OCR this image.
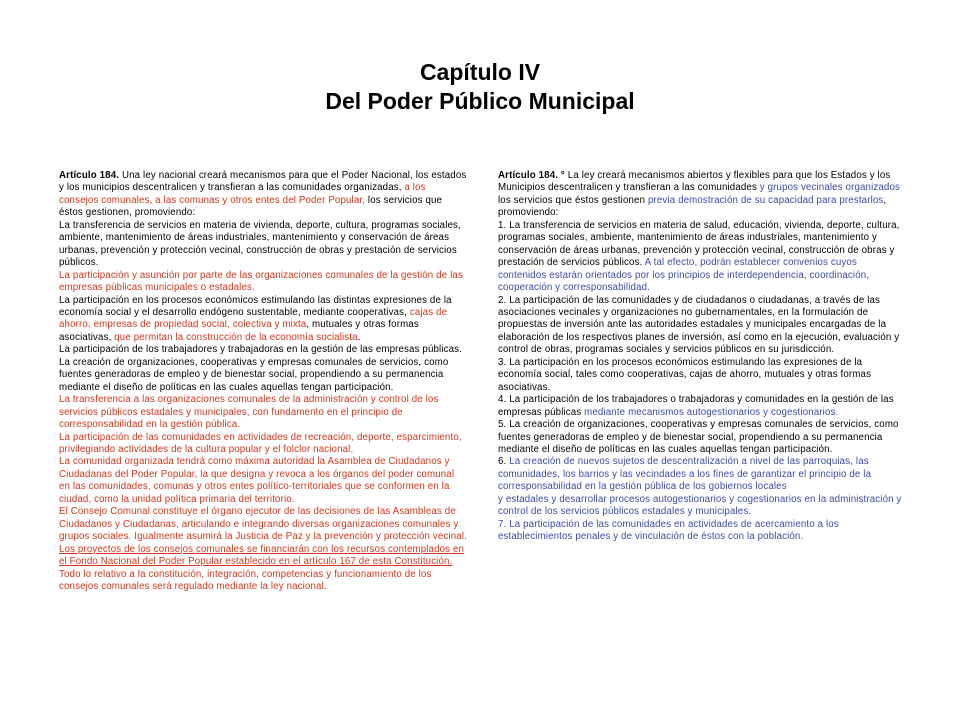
Capítulo IV
Del Poder Público Municipal
Artículo 184. Una ley nacional creará mecanismos para que el Poder Nacional, los estados y los municipios descentralicen y transfieran a las comunidades organizadas, a los consejos comunales, a las comunas y otros entes del Poder Popular, los servicios que éstos gestionen, promoviendo:
La transferencia de servicios en materia de vivienda, deporte, cultura, programas sociales, ambiente, mantenimiento de áreas industriales, mantenimiento y conservación de áreas urbanas, prevención y protección vecinal, construcción de obras y prestación de servicios públicos.
La participación y asunción por parte de las organizaciones comunales de la gestión de las empresas públicas municipales o estadales.
La participación en los procesos económicos estimulando las distintas expresiones de la economía social y el desarrollo endógeno sustentable, mediante cooperativas, cajas de ahorro, empresas de propiedad social, colectiva y mixta, mutuales y otras formas asociativas, que permitan la construcción de la economía socialista.
La participación de los trabajadores y trabajadoras en la gestión de las empresas públicas.
La creación de organizaciones, cooperativas y empresas comunales de servicios, como fuentes generadoras de empleo y de bienestar social, propendiendo a su permanencia mediante el diseño de políticas en las cuales aquellas tengan participación.
La transferencia a las organizaciones comunales de la administración y control de los servicios públicos estadales y municipales, con fundamento en el principio de corresponsabilidad en la gestión pública.
La participación de las comunidades en actividades de recreación, deporte, esparcimiento, privilegiando actividades de la cultura popular y el folclor nacional.
La comunidad organizada tendrá como máxima autoridad la Asamblea de Ciudadanos y Ciudadanas del Poder Popular, la que designa y revoca a los órganos del poder comunal en las comunidades, comunas y otros entes político-territoriales que se conformen en la ciudad, como la unidad política primaria del territorio.
El Consejo Comunal constituye el órgano ejecutor de las decisiones de las Asambleas de Ciudadanos y Ciudadanas, articulando e integrando diversas organizaciones comunales y grupos sociales. Igualmente asumirá la Justicia de Paz y la prevención y protección vecinal.
Los proyectos de los consejos comunales se financiarán con los recursos contemplados en el Fondo Nacional del Poder Popular establecido en el artículo 167 de esta Constitución.
Todo lo relativo a la constitución, integración, competencias y funcionamiento de los consejos comunales será regulado mediante la ley nacional.
Artículo 184. ° La ley creará mecanismos abiertos y flexibles para que los Estados y los Municipios descentralicen y transfieran a las comunidades y grupos vecinales organizados los servicios que éstos gestionen previa demostración de su capacidad para prestarlos, promoviendo:
1. La transferencia de servicios en materia de salud, educación, vivienda, deporte, cultura, programas sociales, ambiente, mantenimiento de áreas industriales, mantenimiento y conservación de áreas urbanas, prevención y protección vecinal, construcción de obras y prestación de servicios públicos. A tal efecto, podrán establecer convenios cuyos contenidos estarán orientados por los principios de interdependencia, coordinación, cooperación y corresponsabilidad.
2. La participación de las comunidades y de ciudadanos o ciudadanas, a través de las asociaciones vecinales y organizaciones no gubernamentales, en la formulación de propuestas de inversión ante las autoridades estadales y municipales encargadas de la elaboración de los respectivos planes de inversión, así como en la ejecución, evaluación y control de obras, programas sociales y servicios públicos en su jurisdicción.
3. La participación en los procesos económicos estimulando las expresiones de la economía social, tales como cooperativas, cajas de ahorro, mutuales y otras formas asociativas.
4. La participación de los trabajadores o trabajadoras y comunidades en la gestión de las empresas públicas mediante mecanismos autogestionarios y cogestionarios.
5. La creación de organizaciones, cooperativas y empresas comunales de servicios, como fuentes generadoras de empleo y de bienestar social, propendiendo a su permanencia mediante el diseño de políticas en las cuales aquellas tengan participación.
6. La creación de nuevos sujetos de descentralización a nivel de las parroquias, las comunidades, los barrios y las vecindades a los fines de garantizar el principio de la corresponsabilidad en la gestión pública de los gobiernos locales
y estadales y desarrollar procesos autogestionarios y cogestionarios en la administración y control de los servicios públicos estadales y municipales.
7. La participación de las comunidades en actividades de acercamiento a los establecimientos penales y de vinculación de éstos con la población.
